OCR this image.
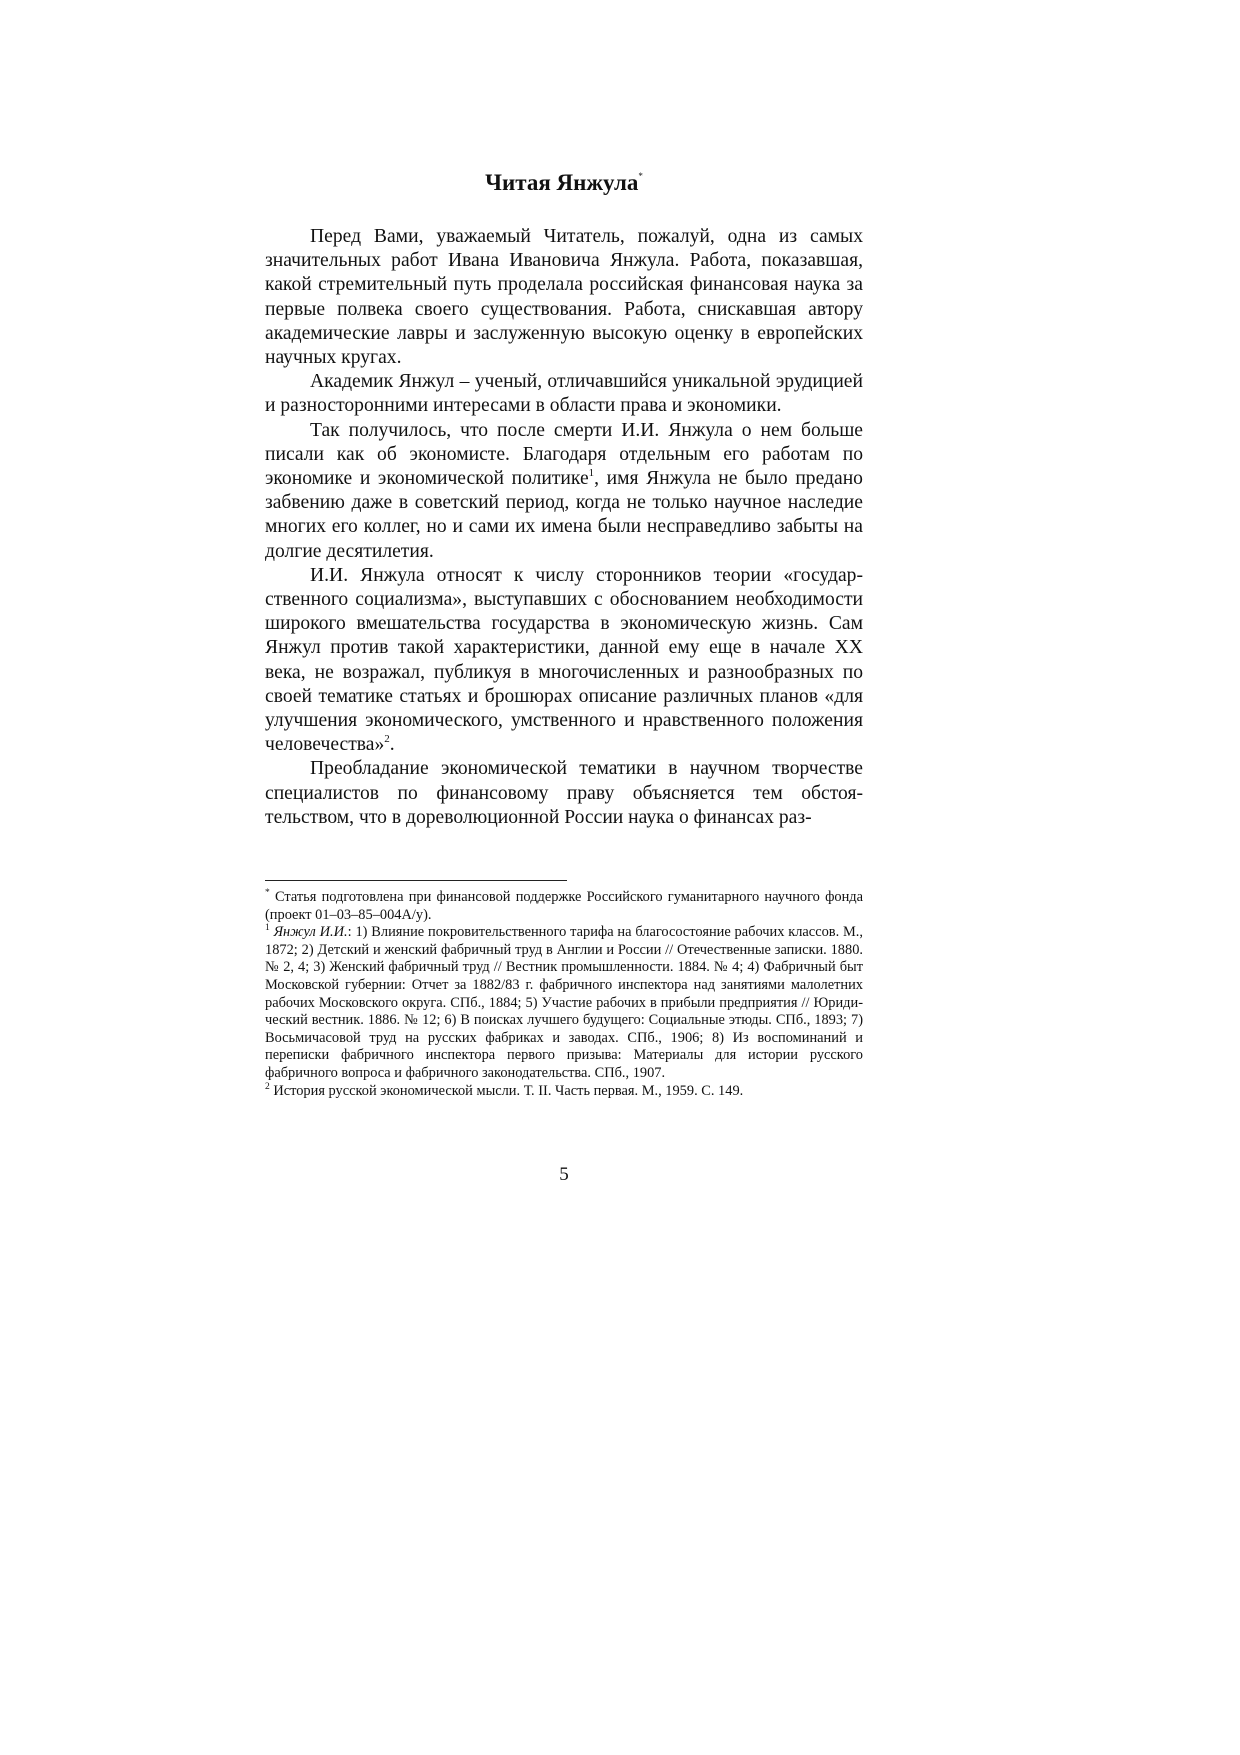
Читая Янжула*

Перед Вами, уважаемый Читатель, пожалуй, одна из самых значительных работ Ивана Ивановича Янжула. Работа, показавшая, какой стремительный путь проделала российская финансовая наука за первые полвека своего существования. Работа, снискавшая автору академические лавры и заслуженную высокую оценку в европейских научных кругах.

Академик Янжул – ученый, отличавшийся уникальной эрудицией и разносторонними интересами в области права и экономики.

Так получилось, что после смерти И.И. Янжула о нем больше писали как об экономисте. Благодаря отдельным его работам по экономике и экономической политике$^1$, имя Янжула не было предано забвению даже в советский период, когда не только научное наследие многих его коллег, но и сами их имена были несправедливо забыты на долгие десятилетия.

И.И. Янжула относят к числу сторонников теории «государственного социализма», выступавших с обоснованием необходимости широкого вмешательства государства в экономическую жизнь. Сам Янжул против такой характеристики, данной ему еще в начале XX века, не возражал, публикуя в многочисленных и разнообразных по своей тематике статьях и брошюрах описание различных планов «для улучшения экономического, умственного и нравственного положения человечества»$^2$.

Преобладание экономической тематики в научном творчестве специалистов по финансовому праву объясняется тем обстоятельством, что в дореволюционной России наука о финансах раз-

* Статья подготовлена при финансовой поддержке Российского гуманитарного научного фонда (проект 01–03–85–004А/у).

$^1$ Янжул И.И.: 1) Влияние покровительственного тарифа на благосостояние рабочих классов. М., 1872; 2) Детский и женский фабричный труд в Англии и России // Отечественные записки. 1880. № 2, 4; 3) Женский фабричный труд // Вестник промышленности. 1884. № 4; 4) Фабричный быт Московской губернии: Отчет за 1882/83 г. фабричного инспектора над занятиями малолетних рабочих Московского округа. СПб., 1884; 5) Участие рабочих в прибыли предприятия // Юридический вестник. 1886. № 12; 6) В поисках лучшего будущего: Социальные этюды. СПб., 1893; 7) Восьмичасовой труд на русских фабриках и заводах. СПб., 1906; 8) Из воспоминаний и переписки фабричного инспектора первого призыва: Материалы для истории русского фабричного вопроса и фабричного законодательства. СПб., 1907.

$^2$ История русской экономической мысли. Т. II. Часть первая. М., 1959. С. 149.

5
